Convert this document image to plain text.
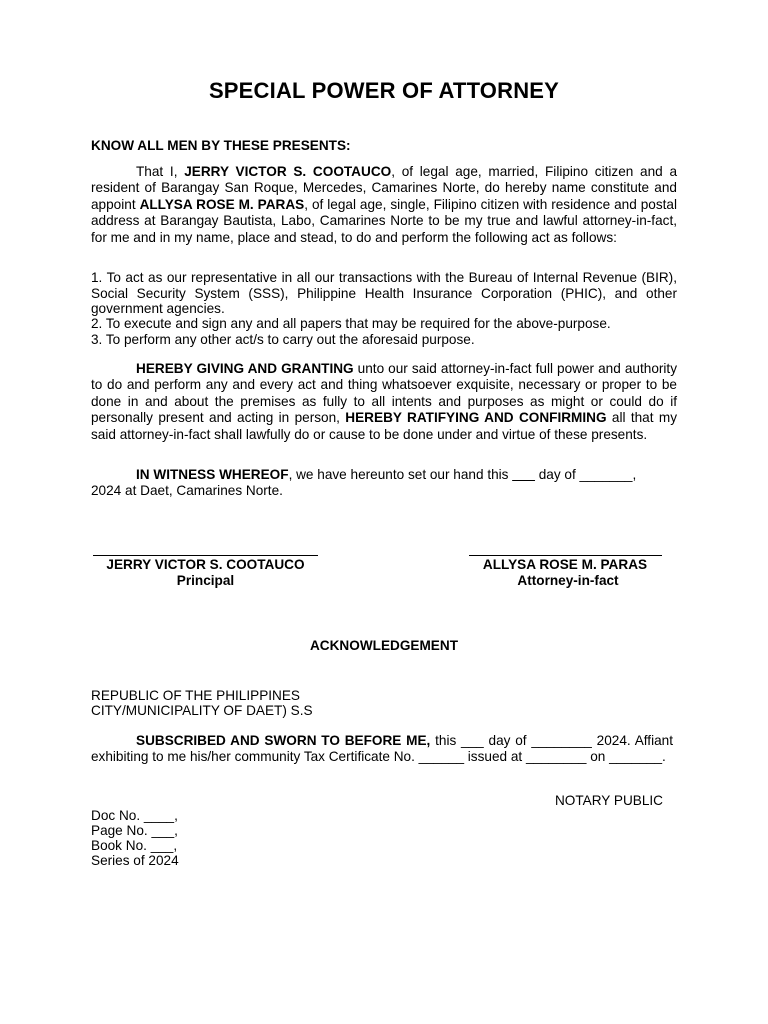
SPECIAL POWER OF ATTORNEY
KNOW ALL MEN BY THESE PRESENTS:

That I, JERRY VICTOR S. COOTAUCO, of legal age, married, Filipino citizen and a resident of Barangay San Roque, Mercedes, Camarines Norte, do hereby name constitute and appoint ALLYSA ROSE M. PARAS, of legal age, single, Filipino citizen with residence and postal address at Barangay Bautista, Labo, Camarines Norte to be my true and lawful attorney-in-fact, for me and in my name, place and stead, to do and perform the following act as follows:

1. To act as our representative in all our transactions with the Bureau of Internal Revenue (BIR), Social Security System (SSS), Philippine Health Insurance Corporation (PHIC), and other government agencies.

2. To execute and sign any and all papers that may be required for the above-purpose.

3. To perform any other act/s to carry out the aforesaid purpose.

HEREBY GIVING AND GRANTING unto our said attorney-in-fact full power and authority to do and perform any and every act and thing whatsoever exquisite, necessary or proper to be done in and about the premises as fully to all intents and purposes as might or could do if personally present and acting in person, HEREBY RATIFYING AND CONFIRMING all that my said attorney-in-fact shall lawfully do or cause to be done under and virtue of these presents.

IN WITNESS WHEREOF, we have hereunto set our hand this ___ day of _______, 2024 at Daet, Camarines Norte.

JERRY VICTOR S. COOTAUCO
Principal
ALLYSA ROSE M. PARAS
Attorney-in-fact
ACKNOWLEDGEMENT
REPUBLIC OF THE PHILIPPINES
CITY/MUNICIPALITY OF DAET) S.S

SUBSCRIBED AND SWORN TO BEFORE ME, this ___ day of ________ 2024. Affiant exhibiting to me his/her community Tax Certificate No. ______ issued at ________ on _______.

NOTARY PUBLIC
Doc No. ____,
Page No. ___,
Book No. ___,
Series of 2024
